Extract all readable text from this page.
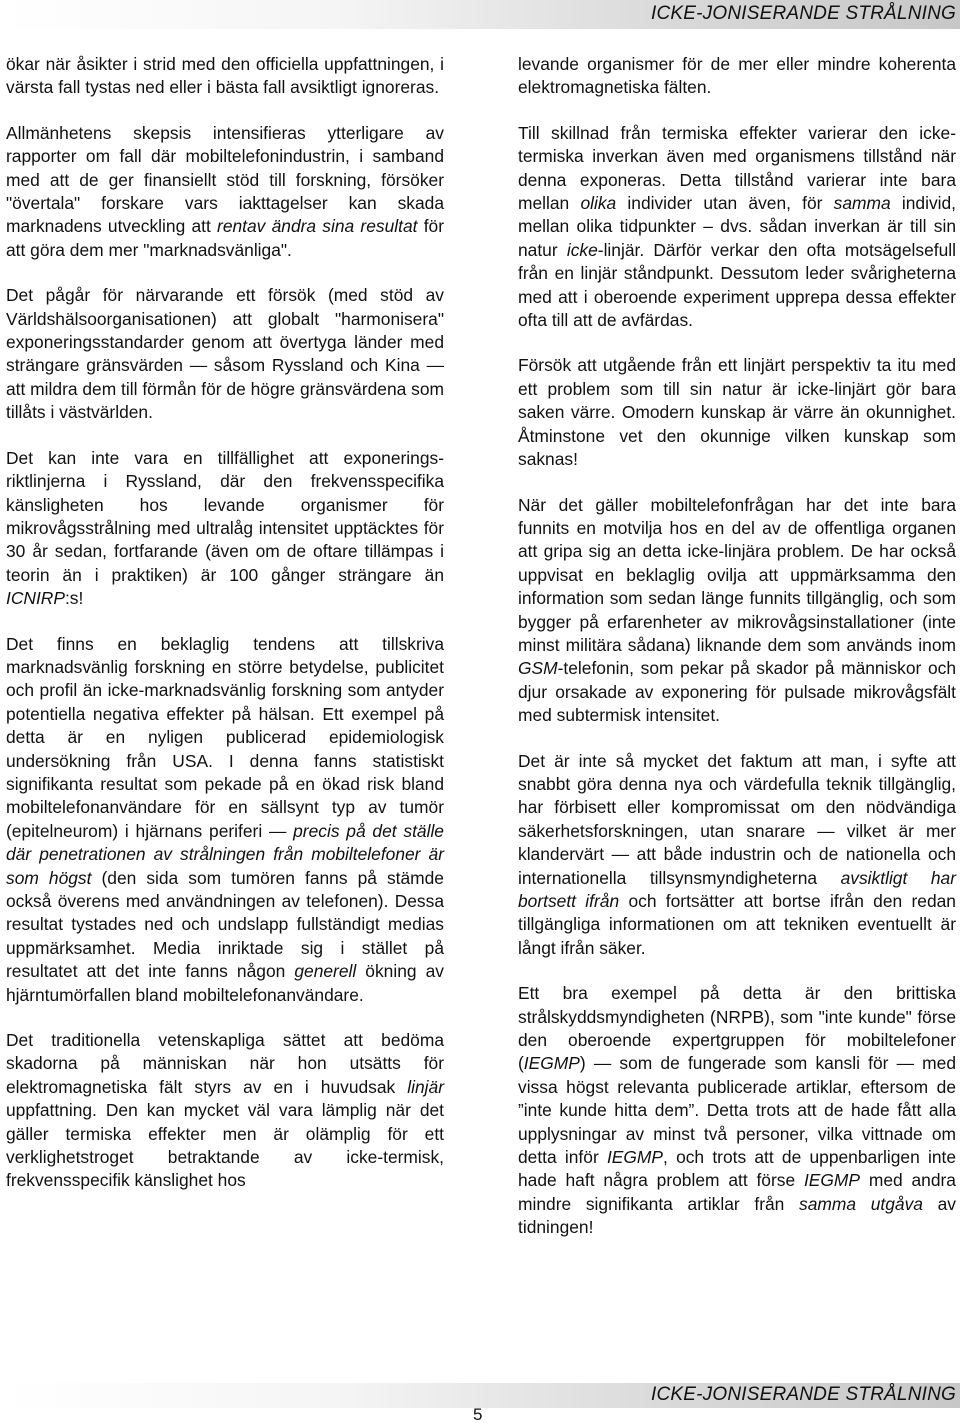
ICKE-JONISERANDE STRÅLNING

ökar när åsikter i strid med den officiella uppfattningen, i värsta fall tystas ned eller i bästa fall avsiktligt ignoreras.

Allmänhetens skepsis intensifieras ytterligare av rapporter om fall där mobiltelefonindustrin, i samband med att de ger finansiellt stöd till forskning, försöker "övertala" forskare vars iakttagelser kan skada marknadens utveckling att rentav ändra sina resultat för att göra dem mer "marknadsvänliga".

Det pågår för närvarande ett försök (med stöd av Världshälsoorganisationen) att globalt "harmonisera" exponeringsstandarder genom att övertyga länder med strängare gränsvärden — såsom Ryssland och Kina — att mildra dem till förmån för de högre gränsvärdena som tillåts i västvärlden.

Det kan inte vara en tillfällighet att exponeringsriktlinjerna i Ryssland, där den frekvensspecifika känsligheten hos levande organismer för mikrovågsstrålning med ultralåg intensitet upptäcktes för 30 år sedan, fortfarande (även om de oftare tillämpas i teorin än i praktiken) är 100 gånger strängare än ICNIRP:s!

Det finns en beklaglig tendens att tillskriva marknadsvänlig forskning en större betydelse, publicitet och profil än icke-marknadsvänlig forskning som antyder potentiella negativa effekter på hälsan. Ett exempel på detta är en nyligen publicerad epidemiologisk undersökning från USA. I denna fanns statistiskt signifikanta resultat som pekade på en ökad risk bland mobiltelefonanvändare för en sällsynt typ av tumör (epitelneurom) i hjärnans periferi — precis på det ställe där penetrationen av strålningen från mobiltelefoner är som högst (den sida som tumören fanns på stämde också överens med användningen av telefonen). Dessa resultat tystades ned och undslapp fullständigt medias uppmärksamhet. Media inriktade sig i stället på resultatet att det inte fanns någon generell ökning av hjärntumörfallen bland mobiltelefonanvändare.

Det traditionella vetenskapliga sättet att bedöma skadorna på människan när hon utsätts för elektromagnetiska fält styrs av en i huvudsak linjär uppfattning. Den kan mycket väl vara lämplig när det gäller termiska effekter men är olämplig för ett verklighetstroget betraktande av icke-termisk, frekvensspecifik känslighet hos

levande organismer för de mer eller mindre koherenta elektromagnetiska fälten.

Till skillnad från termiska effekter varierar den icke-termiska inverkan även med organismens tillstånd när denna exponeras. Detta tillstånd varierar inte bara mellan olika individer utan även, för samma individ, mellan olika tidpunkter – dvs. sådan inverkan är till sin natur icke-linjär. Därför verkar den ofta motsägelsefull från en linjär ståndpunkt. Dessutom leder svårigheterna med att i oberoende experiment upprepa dessa effekter ofta till att de avfärdas.

Försök att utgående från ett linjärt perspektiv ta itu med ett problem som till sin natur är icke-linjärt gör bara saken värre. Omodern kunskap är värre än okunnighet. Åtminstone vet den okunnige vilken kunskap som saknas!

När det gäller mobiltelefonfrågan har det inte bara funnits en motvilja hos en del av de offentliga organen att gripa sig an detta icke-linjära problem. De har också uppvisat en beklaglig ovilja att uppmärksamma den information som sedan länge funnits tillgänglig, och som bygger på erfarenheter av mikrovågsinstallationer (inte minst militära sådana) liknande dem som används inom GSM-telefonin, som pekar på skador på människor och djur orsakade av exponering för pulsade mikrovågsfält med subtermisk intensitet.

Det är inte så mycket det faktum att man, i syfte att snabbt göra denna nya och värdefulla teknik tillgänglig, har förbisett eller kompromissat om den nödvändiga säkerhetsforskningen, utan snarare — vilket är mer klandervärt — att både industrin och de nationella och internationella tillsynsmyndigheterna avsiktligt har bortsett ifrån och fortsätter att bortse ifrån den redan tillgängliga informationen om att tekniken eventuellt är långt ifrån säker.

Ett bra exempel på detta är den brittiska strålskyddsmyndigheten (NRPB), som "inte kunde" förse den oberoende expertgruppen för mobiltelefoner (IEGMP) — som de fungerade som kansli för — med vissa högst relevanta publicerade artiklar, eftersom de ”inte kunde hitta dem”. Detta trots att de hade fått alla upplysningar av minst två personer, vilka vittnade om detta inför IEGMP, och trots att de uppenbarligen inte hade haft några problem att förse IEGMP med andra mindre signifikanta artiklar från samma utgåva av tidningen!

ICKE-JONISERANDE STRÅLNING
5
